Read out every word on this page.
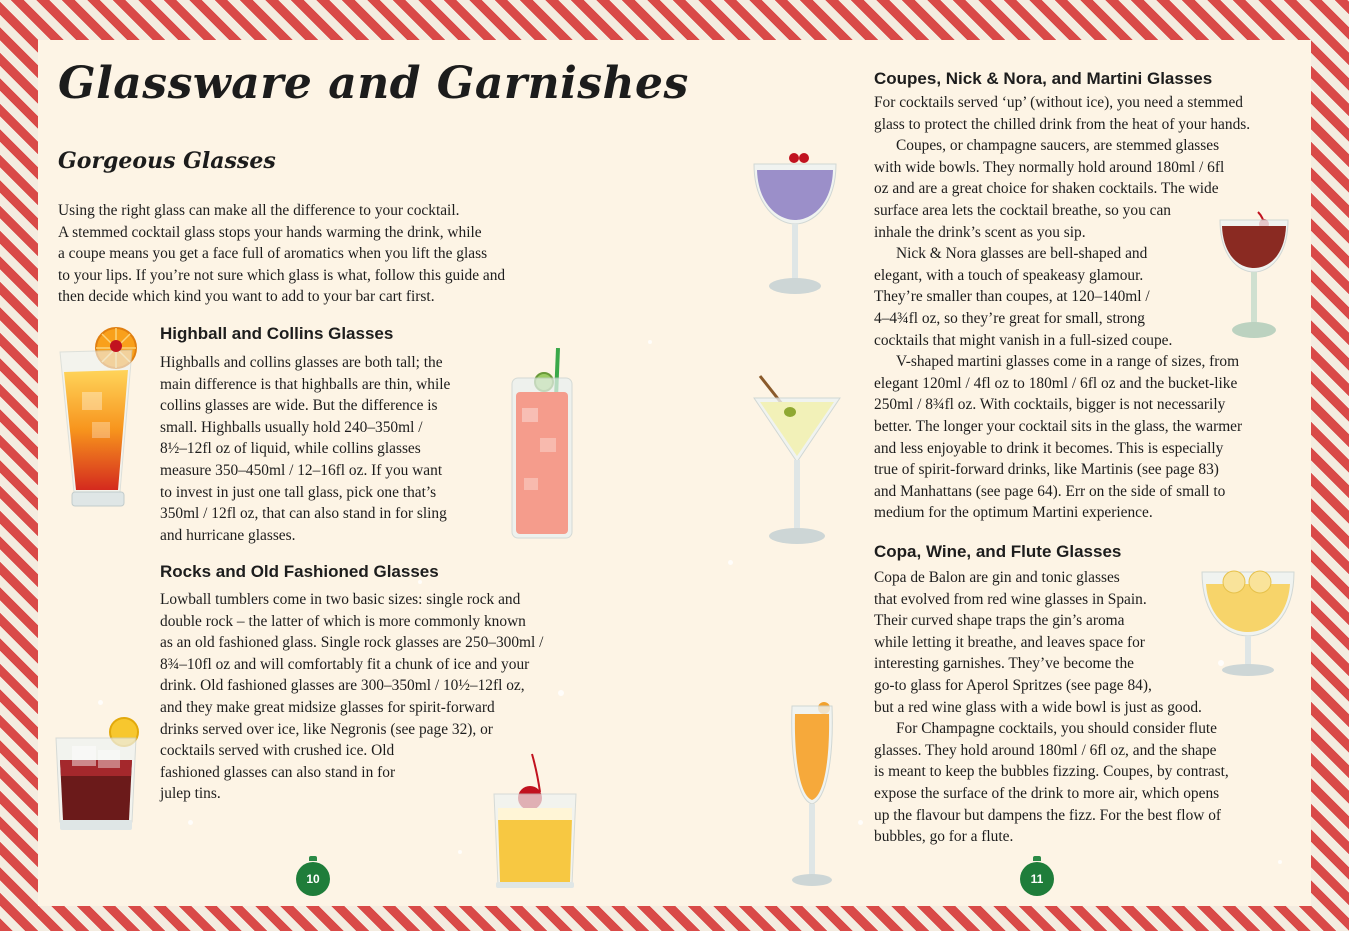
Glassware and Garnishes
Gorgeous Glasses

Using the right glass can make all the difference to your cocktail.
A stemmed cocktail glass stops your hands warming the drink, while
a coupe means you get a face full of aromatics when you lift the glass
to your lips. If you’re not sure which glass is what, follow this guide and
then decide which kind you want to add to your bar cart first.

Highball and Collins Glasses

Highballs and collins glasses are both tall; the
main difference is that highballs are thin, while
collins glasses are wide. But the difference is
small. Highballs usually hold 240–350ml /
8½–12fl oz of liquid, while collins glasses
measure 350–450ml / 12–16fl oz. If you want
to invest in just one tall glass, pick one that’s
350ml / 12fl oz, that can also stand in for sling
and hurricane glasses.

Rocks and Old Fashioned Glasses

Lowball tumblers come in two basic sizes: single rock and
double rock – the latter of which is more commonly known
as an old fashioned glass. Single rock glasses are 250–300ml /
8¾–10fl oz and will comfortably fit a chunk of ice and your
drink. Old fashioned glasses are 300–350ml / 10½–12fl oz,
and they make great midsize glasses for spirit-forward
drinks served over ice, like Negronis (see page 32), or
cocktails served with crushed ice. Old
fashioned glasses can also stand in for
julep tins.

10
Coupes, Nick & Nora, and Martini Glasses

For cocktails served ‘up’ (without ice), you need a stemmed
glass to protect the chilled drink from the heat of your hands.
Coupes, or champagne saucers, are stemmed glasses
with wide bowls. They normally hold around 180ml / 6fl
oz and are a great choice for shaken cocktails. The wide
surface area lets the cocktail breathe, so you can
inhale the drink’s scent as you sip.
Nick & Nora glasses are bell-shaped and
elegant, with a touch of speakeasy glamour.
They’re smaller than coupes, at 120–140ml /
4–4¾fl oz, so they’re great for small, strong
cocktails that might vanish in a full-sized coupe.
V-shaped martini glasses come in a range of sizes, from
elegant 120ml / 4fl oz to 180ml / 6fl oz and the bucket-like
250ml / 8¾fl oz. With cocktails, bigger is not necessarily
better. The longer your cocktail sits in the glass, the warmer
and less enjoyable to drink it becomes. This is especially
true of spirit-forward drinks, like Martinis (see page 83)
and Manhattans (see page 64). Err on the side of small to
medium for the optimum Martini experience.

Copa, Wine, and Flute Glasses

Copa de Balon are gin and tonic glasses
that evolved from red wine glasses in Spain.
Their curved shape traps the gin’s aroma
while letting it breathe, and leaves space for
interesting garnishes. They’ve become the
go-to glass for Aperol Spritzes (see page 84),
but a red wine glass with a wide bowl is just as good.
For Champagne cocktails, you should consider flute
glasses. They hold around 180ml / 6fl oz, and the shape
is meant to keep the bubbles fizzing. Coupes, by contrast,
expose the surface of the drink to more air, which opens
up the flavour but dampens the fizz. For the best flow of
bubbles, go for a flute.

11
